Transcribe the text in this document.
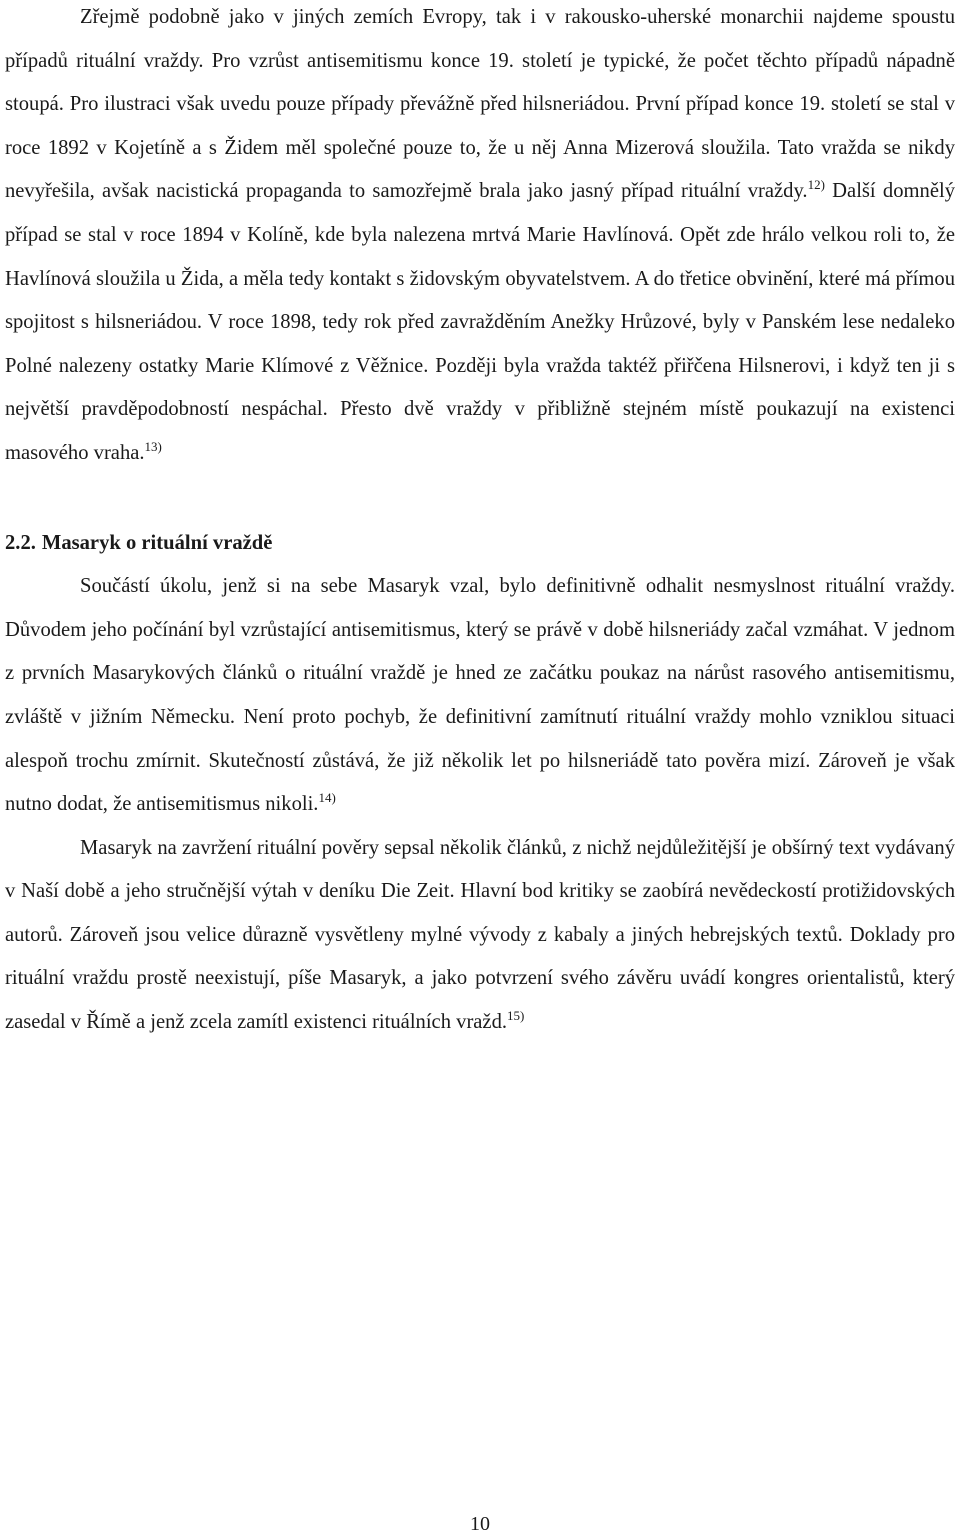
Zřejmě podobně jako v jiných zemích Evropy, tak i v rakousko-uherské monarchii najdeme spoustu případů rituální vraždy. Pro vzrůst antisemitismu konce 19. století je typické, že počet těchto případů nápadně stoupá. Pro ilustraci však uvedu pouze případy převážně před hilsneriádou. První případ konce 19. století se stal v roce 1892 v Kojetíně a s Židem měl společné pouze to, že u něj Anna Mizerová sloužila. Tato vražda se nikdy nevyřešila, avšak nacistická propaganda to samozřejmě brala jako jasný případ rituální vraždy.$^{12)}$ Další domnělý případ se stal v roce 1894 v Kolíně, kde byla nalezena mrtvá Marie Havlínová. Opět zde hrálo velkou roli to, že Havlínová sloužila u Žida, a měla tedy kontakt s židovským obyvatelstvem. A do třetice obvinění, které má přímou spojitost s hilsneriádou. V roce 1898, tedy rok před zavražděním Anežky Hrůzové, byly v Panském lese nedaleko Polné nalezeny ostatky Marie Klímové z Věžnice. Později byla vražda taktéž přiřčena Hilsnerovi, i když ten ji s největší pravděpodobností nespáchal. Přesto dvě vraždy v přibližně stejném místě poukazují na existenci masového vraha.$^{13)}$

2.2. Masaryk o rituální vraždě

Součástí úkolu, jenž si na sebe Masaryk vzal, bylo definitivně odhalit nesmyslnost rituální vraždy. Důvodem jeho počínání byl vzrůstající antisemitismus, který se právě v době hilsneriády začal vzmáhat. V jednom z prvních Masarykových článků o rituální vraždě je hned ze začátku poukaz na nárůst rasového antisemitismu, zvláště v jižním Německu. Není proto pochyb, že definitivní zamítnutí rituální vraždy mohlo vzniklou situaci alespoň trochu zmírnit. Skutečností zůstává, že již několik let po hilsneriádě tato pověra mizí. Zároveň je však nutno dodat, že antisemitismus nikoli.$^{14)}$

Masaryk na zavržení rituální pověry sepsal několik článků, z nichž nejdůležitější je obšírný text vydávaný v Naší době a jeho stručnější výtah v deníku Die Zeit. Hlavní bod kritiky se zaobírá nevědeckostí protižidovských autorů. Zároveň jsou velice důrazně vysvětleny mylné vývody z kabaly a jiných hebrejských textů. Doklady pro rituální vraždu prostě neexistují, píše Masaryk, a jako potvrzení svého závěru uvádí kongres orientalistů, který zasedal v Římě a jenž zcela zamítl existenci rituálních vražd.$^{15)}$

10
